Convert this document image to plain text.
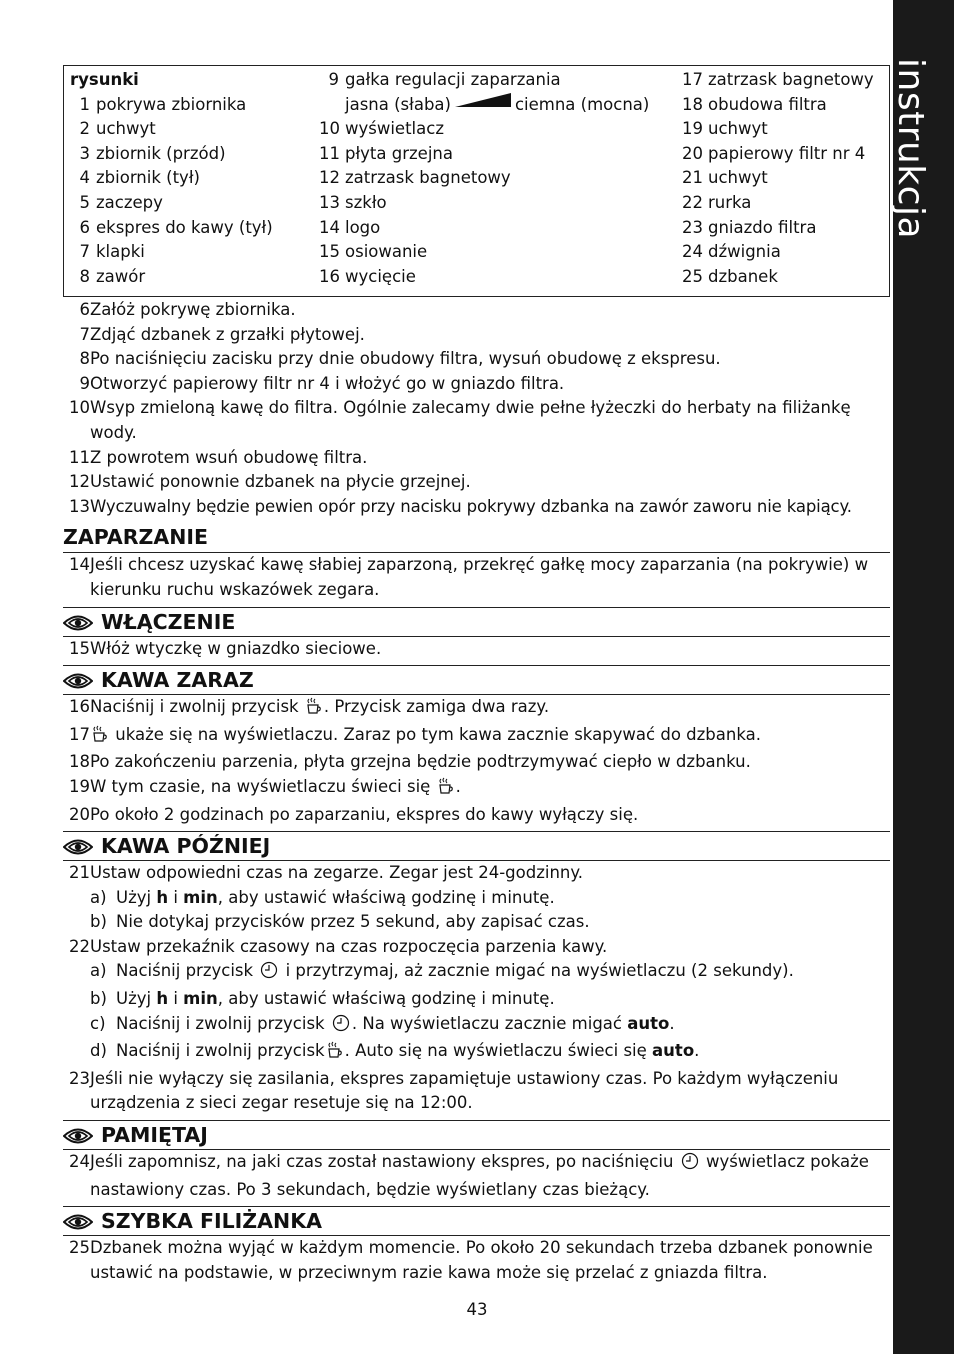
instrukcja
rysunki
1 pokrywa zbiornika
2 uchwyt
3 zbiornik (przód)
4 zbiornik (tył)
5 zaczepy
6 ekspres do kawy (tył)
7 klapki
8 zawór
9 gałka regulacji zaparzania
jasna (słaba)	ciemna (mocna)
10 wyświetlacz
11 płyta grzejna
12 zatrzask bagnetowy
13 szkło
14 logo
15 osiowanie
16 wycięcie
17 zatrzask bagnetowy
18 obudowa filtra
19 uchwyt
20 papierowy filtr nr 4
21 uchwyt
22 rurka
23 gniazdo filtra
24 dźwignia
25 dzbanek
6 Załóż pokrywę zbiornika.
7 Zdjąć dzbanek z grzałki płytowej.
8 Po naciśnięciu zacisku przy dnie obudowy filtra, wysuń obudowę z ekspresu.
9 Otworzyć papierowy filtr nr 4 i włożyć go w gniazdo filtra.
10 Wsyp zmieloną kawę do filtra. Ogólnie zalecamy dwie pełne łyżeczki do herbaty na filiżankę wody.
11 Z powrotem wsuń obudowę filtra.
12 Ustawić ponownie dzbanek na płycie grzejnej.
13 Wyczuwalny będzie pewien opór przy nacisku pokrywy dzbanka na zawór zaworu nie kapiący.
ZAPARZANIE
14 Jeśli chcesz uzyskać kawę słabiej zaparzoną, przekręć gałkę mocy zaparzania (na pokrywie) w kierunku ruchu wskazówek zegara.
WŁĄCZENIE
15 Włóż wtyczkę w gniazdko sieciowe.
KAWA ZARAZ
16 Naciśnij i zwolnij przycisk . Przycisk zamiga dwa razy.
17	ukaże się na wyświetlaczu. Zaraz po tym kawa zacznie skapywać do dzbanka.
18 Po zakończeniu parzenia, płyta grzejna będzie podtrzymywać ciepło w dzbanku.
19 W tym czasie, na wyświetlaczu świeci się .
20 Po około 2 godzinach po zaparzaniu, ekspres do kawy wyłączy się.
KAWA PÓŹNIEJ
21 Ustaw odpowiedni czas na zegarze. Zegar jest 24-godzinny.
a) Użyj h i min, aby ustawić właściwą godzinę i minutę.
b) Nie dotykaj przycisków przez 5 sekund, aby zapisać czas.
22 Ustaw przekaźnik czasowy na czas rozpoczęcia parzenia kawy.
a) Naciśnij przycisk  i przytrzymaj, aż zacznie migać na wyświetlaczu (2 sekundy).
b) Użyj h i min, aby ustawić właściwą godzinę i minutę.
c) Naciśnij i zwolnij przycisk . Na wyświetlaczu zacznie migać auto.
d) Naciśnij i zwolnij przycisk . Auto się na wyświetlaczu świeci się auto.
23 Jeśli nie wyłączy się zasilania, ekspres zapamiętuje ustawiony czas. Po każdym wyłączeniu urządzenia z sieci zegar resetuje się na 12:00.
PAMIĘTAJ
24 Jeśli zapomnisz, na jaki czas został nastawiony ekspres, po naciśnięciu  wyświetlacz pokaże nastawiony czas. Po 3 sekundach, będzie wyświetlany czas bieżący.
SZYBKA FILIŻANKA
25 Dzbanek można wyjąć w każdym momencie. Po około 20 sekundach trzeba dzbanek ponownie ustawić na podstawie, w przeciwnym razie kawa może się przelać z gniazda filtra.
43
